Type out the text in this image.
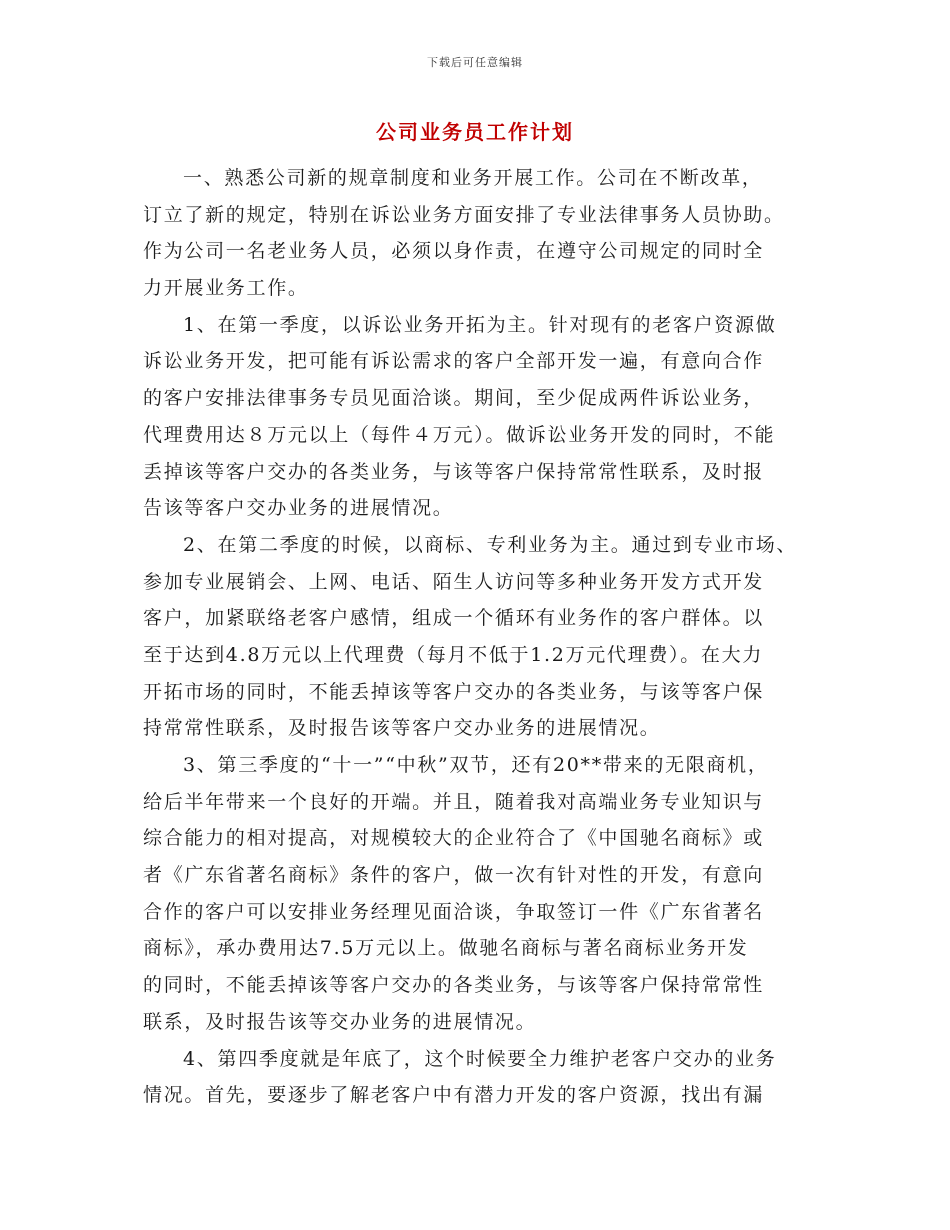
下载后可任意编辑
公司业务员工作计划
一、熟悉公司新的规章制度和业务开展工作。公司在不断改革，
订立了新的规定，特别在诉讼业务方面安排了专业法律事务人员协助。
作为公司一名老业务人员，必须以身作责，在遵守公司规定的同时全
力开展业务工作。
1、在第一季度，以诉讼业务开拓为主。针对现有的老客户资源做
诉讼业务开发，把可能有诉讼需求的客户全部开发一遍，有意向合作
的客户安排法律事务专员见面洽谈。期间，至少促成两件诉讼业务，
代理费用达８万元以上（每件４万元）。做诉讼业务开发的同时，不能
丢掉该等客户交办的各类业务，与该等客户保持常常性联系，及时报
告该等客户交办业务的进展情况。
2、在第二季度的时候，以商标、专利业务为主。通过到专业市场、
参加专业展销会、上网、电话、陌生人访问等多种业务开发方式开发
客户，加紧联络老客户感情，组成一个循环有业务作的客户群体。以
至于达到4.8万元以上代理费（每月不低于1.2万元代理费）。在大力
开拓市场的同时，不能丢掉该等客户交办的各类业务，与该等客户保
持常常性联系，及时报告该等客户交办业务的进展情况。
3、第三季度的“十一”“中秋”双节，还有20**带来的无限商机，
给后半年带来一个良好的开端。并且，随着我对高端业务专业知识与
综合能力的相对提高，对规模较大的企业符合了《中国驰名商标》或
者《广东省著名商标》条件的客户，做一次有针对性的开发，有意向
合作的客户可以安排业务经理见面洽谈，争取签订一件《广东省著名
商标》，承办费用达7.5万元以上。做驰名商标与著名商标业务开发
的同时，不能丢掉该等客户交办的各类业务，与该等客户保持常常性
联系，及时报告该等交办业务的进展情况。
4、第四季度就是年底了，这个时候要全力维护老客户交办的业务
情况。首先，要逐步了解老客户中有潜力开发的客户资源，找出有漏
